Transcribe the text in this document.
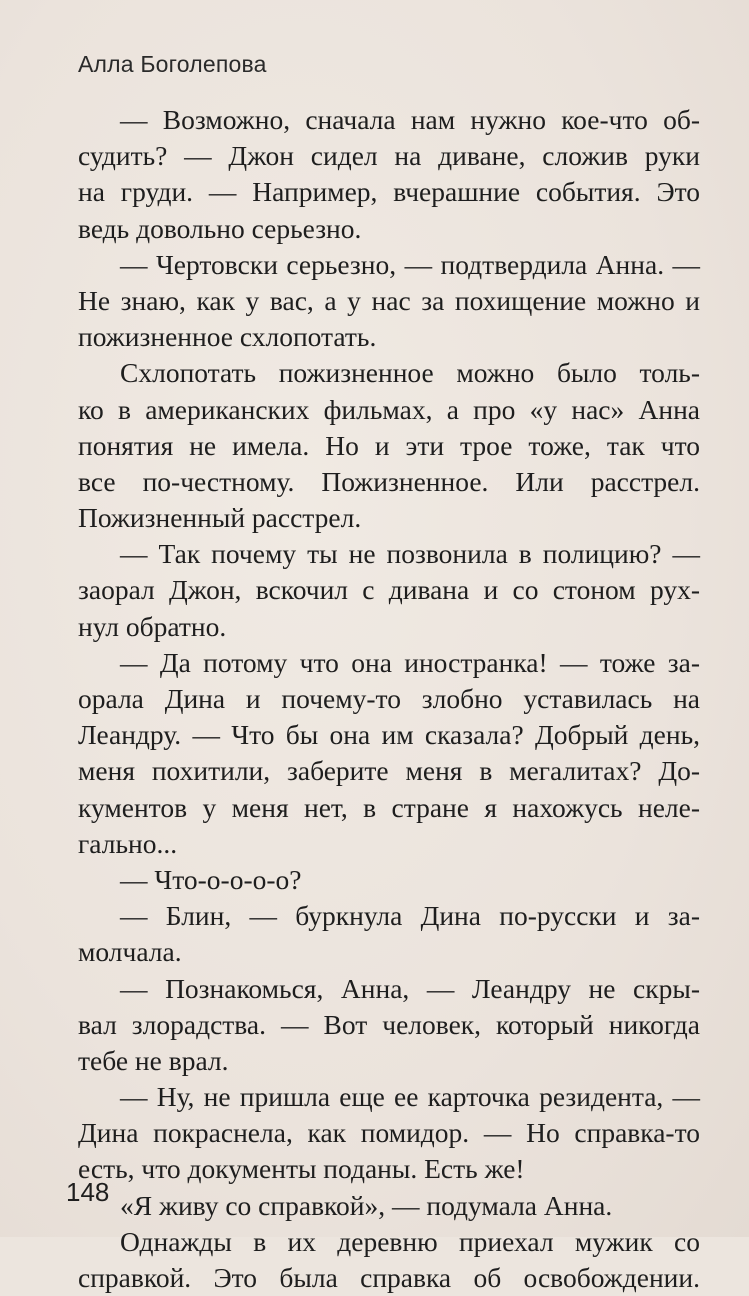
Алла Боголепова
— Возможно, сначала нам нужно кое-что об-
судить? — Джон сидел на диване, сложив руки
на груди. — Например, вчерашние события. Это
ведь довольно серьезно.
— Чертовски серьезно, — подтвердила Анна. —
Не знаю, как у вас, а у нас за похищение можно и
пожизненное схлопотать.
Схлопотать пожизненное можно было толь-
ко в американских фильмах, а про «у нас» Анна
понятия не имела. Но и эти трое тоже, так что
все по-честному. Пожизненное. Или расстрел.
Пожизненный расстрел.
— Так почему ты не позвонила в полицию? —
заорал Джон, вскочил с дивана и со стоном рух-
нул обратно.
— Да потому что она иностранка! — тоже за-
орала Дина и почему-то злобно уставилась на
Леандру. — Что бы она им сказала? Добрый день,
меня похитили, заберите меня в мегалитах? До-
кументов у меня нет, в стране я нахожусь неле-
гально...
— Что-о-о-о-о?
— Блин, — буркнула Дина по-русски и за-
молчала.
— Познакомься, Анна, — Леандру не скры-
вал злорадства. — Вот человек, который никогда
тебе не врал.
— Ну, не пришла еще ее карточка резидента, —
Дина покраснела, как помидор. — Но справка-то
есть, что документы поданы. Есть же!
«Я живу со справкой», — подумала Анна.
Однажды в их деревню приехал мужик со
справкой. Это была справка об освобождении.
148
